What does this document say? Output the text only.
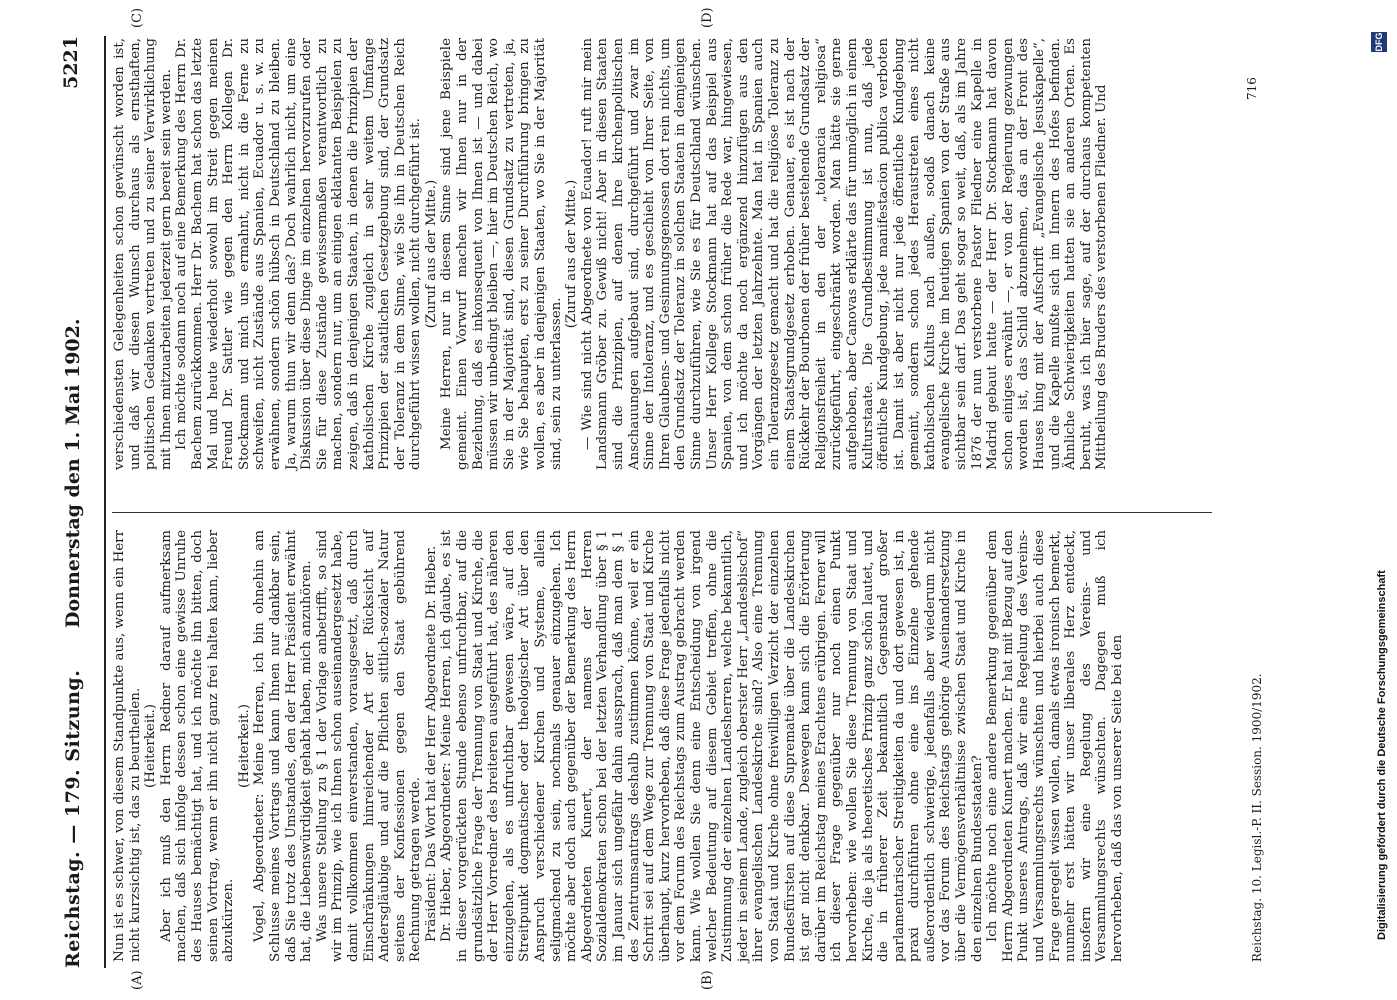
Reichstag. — 179. Sitzung.
Donnerstag den 1. Mai 1902.
5221
(A)	(B)
(C)	(D)

Nun ist es schwer, von diesem Standpunkte aus, wenn ein Herr nicht kurzsichtig ist, das zu beurtheilen. (Heiterkeit.) Aber ich muß den Herrn Redner darauf aufmerksam machen, daß sich infolge dessen schon eine gewisse Unruhe des Hauses bemächtigt hat, und ich möchte ihn bitten, doch seinen Vortrag, wenn er ihn nicht ganz frei halten kann, lieber abzukürzen.

(Heiterkeit.) Vogel, Abgeordneter: Meine Herren, ich bin ohnehin am Schlusse meines Vortrags und kann Ihnen nur dankbar sein, daß Sie trotz des Umstandes, den der Herr Präsident erwähnt hat, die Liebenswürdigkeit gehabt haben, mich anzuhören. Was unsere Stellung zu § 1 der Vorlage anbetrifft, so sind wir im Prinzip, wie ich Ihnen schon auseinandergesetzt habe, damit vollkommen einverstanden, vorausgesetzt, daß durch Einschränkungen hinreichender Art der Rücksicht auf Andersgläubige und auf die Pflichten sittlich-sozialer Natur seitens der Konfessionen gegen den Staat gebührend Rechnung getragen werde. Präsident: Das Wort hat der Herr Abgeordnete Dr. Hieber. Dr. Hieber, Abgeordneter: Meine Herren, ich glaube, es ist in dieser vorgerückten Stunde ebenso unfruchtbar, auf die grundsätzliche Frage der Trennung von Staat und Kirche, die der Herr Vorredner des breiteren ausgeführt hat, des näheren einzugehen, als es unfruchtbar gewesen wäre, auf den Streitpunkt dogmatischer oder theologischer Art über den Anspruch verschiedener Kirchen und Systeme, allein seligmachend zu sein, nochmals genauer einzugehen. Ich möchte aber doch auch gegenüber der Bemerkung des Herrn Abgeordneten Kunert, der namens der Herren Sozialdemokraten schon bei der letzten Verhandlung über § 1 im Januar sich ungefähr dahin aussprach, daß man dem § 1 des Zentrumsantrags deshalb zustimmen könne, weil er ein Schritt sei auf dem Wege zur Trennung von Staat und Kirche überhaupt, kurz hervorheben, daß diese Frage jedenfalls nicht vor dem Forum des Reichstags zum Austrag gebracht werden kann. Wie wollen Sie denn eine Entscheidung von irgend welcher Bedeutung auf diesem Gebiet treffen, ohne die Zustimmung der einzelnen Landesherren, welche bekanntlich, jeder in seinem Lande, zugleich oberster Herr „Landesbischof“ ihrer evangelischen Landeskirche sind? Also eine Trennung von Staat und Kirche ohne freiwilligen Verzicht der einzelnen Bundesfürsten auf diese Suprematie über die Landeskirchen ist gar nicht denkbar. Deswegen kann sich die Erörterung darüber im Reichstag meines Erachtens erübrigen. Ferner will ich dieser Frage gegenüber nur noch einen Punkt hervorheben: wie wollen Sie diese Trennung von Staat und Kirche, die ja als theoretisches Prinzip ganz schön lautet, und die in früherer Zeit bekanntlich Gegenstand großer parlamentarischer Streitigkeiten da und dort gewesen ist, in praxi durchführen ohne eine ins Einzelne gehende außerordentlich schwierige, jedenfalls aber wiederum nicht vor das Forum des Reichstags gehörige Auseinandersetzung über die Vermögensverhältnisse zwischen Staat und Kirche in den einzelnen Bundesstaaten? Ich möchte noch eine andere Bemerkung gegenüber dem Herrn Abgeordneten Kunert machen. Er hat mit Bezug auf den Punkt unseres Antrags, daß wir eine Regelung des Vereins- und Versammlungsrechts wünschten und hierbei auch diese Frage geregelt wissen wollen, damals etwas ironisch bemerkt, nunmehr erst hätten wir unser liberales Herz entdeckt, insofern wir eine Regelung des Vereins- und Versammlungsrechts wünschten. Dagegen muß ich hervorheben, daß das von unserer Seite bei den

verschiedensten Gelegenheiten schon gewünscht worden ist, und daß wir diesen Wunsch durchaus als ernsthaften, politischen Gedanken vertreten und zu seiner Verwirklichung mit Ihnen mitzuarbeiten jederzeit gern bereit sein werden. Ich möchte sodann noch auf eine Bemerkung des Herrn Dr. Bachem zurückkommen. Herr Dr. Bachem hat schon das letzte Mal und heute wiederholt sowohl im Streit gegen meinen Freund Dr. Sattler wie gegen den Herrn Kollegen Dr. Stockmann und mich uns ermahnt, nicht in die Ferne zu schweifen, nicht Zustände aus Spanien, Ecuador u. s. w. zu erwähnen, sondern schön hübsch in Deutschland zu bleiben. Ja, warum thun wir denn das? Doch wahrlich nicht, um eine Diskussion über diese Dinge im einzelnen hervorzurufen oder Sie für diese Zustände gewissermaßen verantwortlich zu machen, sondern nur, um an einigen eklatanten Beispielen zu zeigen, daß in denjenigen Staaten, in denen die Prinzipien der katholischen Kirche zugleich in sehr weitem Umfange Prinzipien der staatlichen Gesetzgebung sind, der Grundsatz der Toleranz in dem Sinne, wie Sie ihn in Deutschen Reich durchgeführt wissen wollen, nicht durchgeführt ist. (Zuruf aus der Mitte.) Meine Herren, nur in diesem Sinne sind jene Beispiele gemeint. Einen Vorwurf machen wir Ihnen nur in der Beziehung, daß es inkonsequent von Ihnen ist — und dabei müssen wir unbedingt bleiben —, hier im Deutschen Reich, wo Sie in der Majorität sind, diesen Grundsatz zu vertreten, ja, wie Sie behaupten, erst zu seiner Durchführung bringen zu wollen, es aber in denjenigen Staaten, wo Sie in der Majorität sind, sein zu unterlassen.

(Zuruf aus der Mitte.) — Wie sind nicht Abgeordnete von Ecuador! ruft mir mein Landsmann Gröber zu. Gewiß nicht! Aber in diesen Staaten sind die Prinzipien, auf denen Ihre kirchenpolitischen Anschauungen aufgebaut sind, durchgeführt und zwar im Sinne der Intoleranz, und es geschieht von Ihrer Seite, von Ihren Glaubens- und Gesinnungsgenossen dort rein nichts, um den Grundsatz der Toleranz in solchen Staaten in demjenigen Sinne durchzuführen, wie Sie es für Deutschland wünschen. Unser Herr Kollege Stockmann hat auf das Beispiel aus Spanien, von dem schon früher die Rede war, hingewiesen, und ich möchte da noch ergänzend hinzufügen aus den Vorgängen der letzten Jahrzehnte. Man hat in Spanien auch ein Toleranzgesetz gemacht und hat die religiöse Toleranz zu einem Staatsgrundgesetz erhoben. Genauer, es ist nach der Rückkehr der Bourbonen der früher bestehende Grundsatz der Religionsfreiheit in den der „tolerancia religiosa“ zurückgeführt, eingeschränkt worden. Man hätte sie gerne aufgehoben, aber Canovas erklärte das für unmöglich in einem Kulturstaate. Die Grundbestimmung ist nun, daß jede öffentliche Kundgebung, jede manifestacion publica verboten ist. Damit ist aber nicht nur jede öffentliche Kundgebung gemeint, sondern schon jedes Heraustreten eines nicht katholischen Kultus nach außen, sodaß danach keine evangelische Kirche im heutigen Spanien von der Straße aus sichtbar sein darf. Das geht sogar so weit, daß, als im Jahre 1876 der nun verstorbene Pastor Fliedner eine Kapelle in Madrid gebaut hatte — der Herr Dr. Stockmann hat davon schon einiges erwähnt —, er von der Regierung gezwungen worden ist, das Schild abzunehmen, das an der Front des Hauses hing mit der Aufschrift „Evangelische Jesuskapelle“, und die Kapelle mußte sich im Innern des Hofes befinden. Ähnliche Schwierigkeiten hatten sie an anderen Orten. Es beruht, was ich hier sage, auf der durchaus kompetenten Mittheilung des Bruders des verstorbenen Fliedner. Und

Reichstag. 10. Legisl.-P. II. Session. 1900/1902.
716
Digitalisierung gefördert durch die Deutsche Forschungsgemeinschaft
DFG
